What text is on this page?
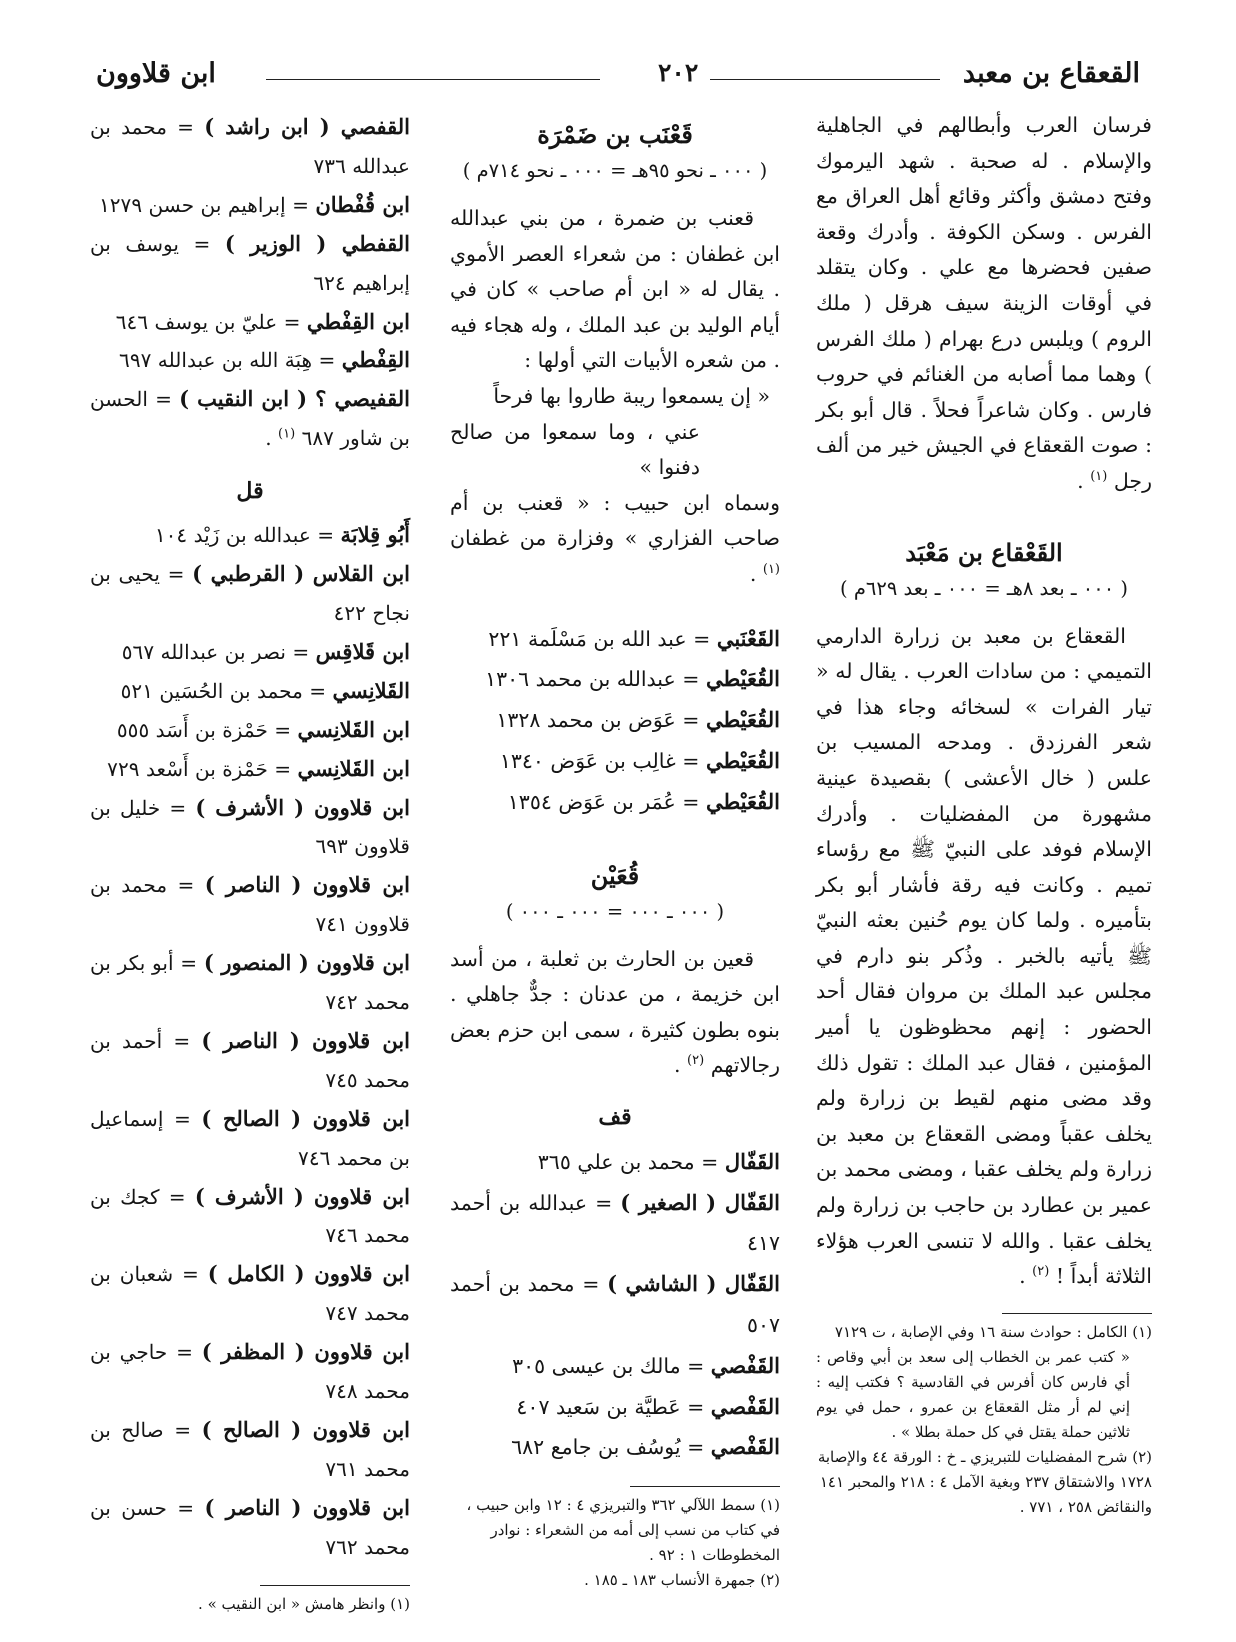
القعقاع بن معبد
٢٠٢
ابن قلاوون

فرسان العرب وأبطالهم في الجاهلية والإسلام . له صحبة . شهد اليرموك وفتح دمشق وأكثر وقائع أهل العراق مع الفرس . وسكن الكوفة . وأدرك وقعة صفين فحضرها مع علي . وكان يتقلد في أوقات الزينة سيف هرقل ( ملك الروم ) ويلبس درع بهرام ( ملك الفرس ) وهما مما أصابه من الغنائم في حروب فارس . وكان شاعراً فحلاً . قال أبو بكر : صوت القعقاع في الجيش خير من ألف رجل $^{(١)}$ .

القَعْقاع بن مَعْبَد
( ٠٠٠ ـ بعد ٨هـ = ٠٠٠ ـ بعد ٦٢٩م )

القعقاع بن معبد بن زرارة الدارمي التميمي : من سادات العرب . يقال له « تيار الفرات » لسخائه وجاء هذا في شعر الفرزدق . ومدحه المسيب بن علس ( خال الأعشى ) بقصيدة عينية مشهورة من المفضليات . وأدرك الإسلام فوفد على النبيّ ﷺ مع رؤساء تميم . وكانت فيه رقة فأشار أبو بكر بتأميره . ولما كان يوم حُنين بعثه النبيّ ﷺ يأتيه بالخبر . وذُكر بنو دارم في مجلس عبد الملك بن مروان فقال أحد الحضور : إنهم محظوظون يا أمير المؤمنين ، فقال عبد الملك : تقول ذلك وقد مضى منهم لقيط بن زرارة ولم يخلف عقباً ومضى القعقاع بن معبد بن زرارة ولم يخلف عقبا ، ومضى محمد بن عمير بن عطارد بن حاجب بن زرارة ولم يخلف عقبا . والله لا تنسى العرب هؤلاء الثلاثة أبداً ! $^{(٢)}$ .

(١) الكامل : حوادث سنة ١٦ وفي الإصابة ، ت ٧١٢٩
« كتب عمر بن الخطاب إلى سعد بن أبي وقاص : أي فارس كان أفرس في القادسية ؟ فكتب إليه : إني لم أر مثل القعقاع بن عمرو ، حمل في يوم ثلاثين حملة يقتل في كل حملة بطلا » .
(٢) شرح المفضليات للتبريزي ـ خ : الورقة ٤٤ والإصابة ١٧٢٨ والاشتقاق ٢٣٧ وبغية الآمل ٤ : ٢١٨ والمحبر ١٤١ والنقائض ٢٥٨ ، ٧٧١ .
قَعْنَب بن ضَمْرَة
( ٠٠٠ ـ نحو ٩٥هـ = ٠٠٠ ـ نحو ٧١٤م )

قعنب بن ضمرة ، من بني عبدالله ابن غطفان : من شعراء العصر الأموي . يقال له « ابن أم صاحب » كان في أيام الوليد بن عبد الملك ، وله هجاء فيه . من شعره الأبيات التي أولها :

« إن يسمعوا ريبة طاروا بها فرحاً

عني ، وما سمعوا من صالح دفنوا »

وسماه ابن حبيب : « قعنب بن أم صاحب الفزاري » وفزارة من غطفان $^{(١)}$ .

القَعْنَبي = عبد الله بن مَسْلَمة ٢٢١

القُعَيْطي = عبدالله بن محمد ١٣٠٦

القُعَيْطي = عَوَض بن محمد ١٣٢٨

القُعَيْطي = غالِب بن عَوَض ١٣٤٠

القُعَيْطي = عُمَر بن عَوَض ١٣٥٤

قُعَيْن
( ٠٠٠ ـ ٠٠٠ = ٠٠٠ ـ ٠٠٠ )

قعين بن الحارث بن ثعلبة ، من أسد ابن خزيمة ، من عدنان : جدٌّ جاهلي . بنوه بطون كثيرة ، سمى ابن حزم بعض رجالاتهم $^{(٢)}$ .

قف

القَفّال = محمد بن علي ٣٦٥

القَفّال ( الصغير ) = عبدالله بن أحمد ٤١٧

القَفّال ( الشاشي ) = محمد بن أحمد ٥٠٧

القَفْصي = مالك بن عيسى ٣٠٥

القَفْصي = عَطيَّة بن سَعيد ٤٠٧

القَفْصي = يُوسُف بن جامع ٦٨٢

(١) سمط اللآلي ٣٦٢ والتبريزي ٤ : ١٢ وابن حبيب ، في كتاب من نسب إلى أمه من الشعراء : نوادر المخطوطات ١ : ٩٢ .
(٢) جمهرة الأنساب ١٨٣ ـ ١٨٥ .

القفصي ( ابن راشد ) = محمد بن عبدالله ٧٣٦

ابن قُفْطان = إبراهيم بن حسن ١٢٧٩

القفطي ( الوزير ) = يوسف بن إبراهيم ٦٢٤

ابن القِفْطي = عليّ بن يوسف ٦٤٦

القِفْطي = هِبَة الله بن عبدالله ٦٩٧

القفيصي ؟ ( ابن النقيب ) = الحسن بن شاور ٦٨٧ $^{(١)}$ .

قل

أَبُو قِلابَة = عبدالله بن زَيْد ١٠٤

ابن القلاس ( القرطبي ) = يحيى بن نجاح ٤٢٢

ابن قَلاقِس = نصر بن عبدالله ٥٦٧

القَلانِسي = محمد بن الحُسَين ٥٢١

ابن القَلانِسي = حَمْزة بن أَسَد ٥٥٥

ابن القَلانِسي = حَمْزة بن أَسْعد ٧٢٩

ابن قلاوون ( الأشرف ) = خليل بن قلاوون ٦٩٣

ابن قلاوون ( الناصر ) = محمد بن قلاوون ٧٤١

ابن قلاوون ( المنصور ) = أبو بكر بن محمد ٧٤٢

ابن قلاوون ( الناصر ) = أحمد بن محمد ٧٤٥

ابن قلاوون ( الصالح ) = إسماعيل بن محمد ٧٤٦

ابن قلاوون ( الأشرف ) = كجك بن محمد ٧٤٦

ابن قلاوون ( الكامل ) = شعبان بن محمد ٧٤٧

ابن قلاوون ( المظفر ) = حاجي بن محمد ٧٤٨

ابن قلاوون ( الصالح ) = صالح بن محمد ٧٦١

ابن قلاوون ( الناصر ) = حسن بن محمد ٧٦٢

(١) وانظر هامش « ابن النقيب » .
